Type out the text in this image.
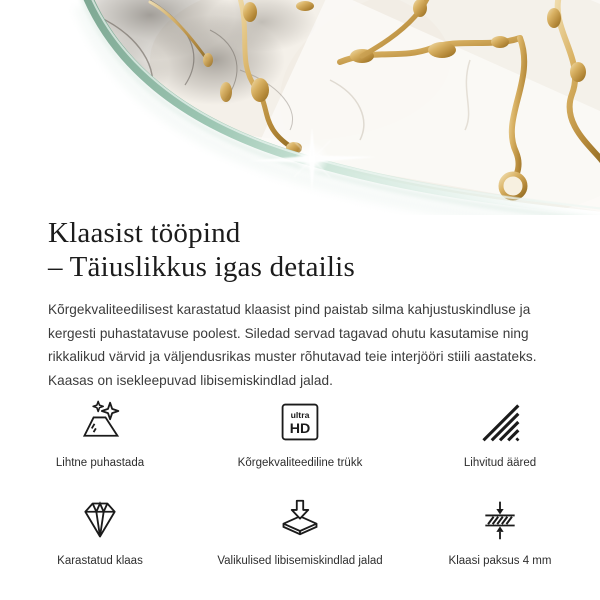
Klaasist tööpind
– Täiuslikkus igas detailis

Kõrgekvaliteedilisest karastatud klaasist pind paistab silma kahjustuskindluse ja kergesti puhastatavuse poolest. Siledad servad tagavad ohutu kasutamise ning rikkalikud värvid ja väljendusrikas muster rõhutavad teie interjööri stiili aastateks. Kaasas on isekleepuvad libisemiskindlad jalad.

Lihtne puhastada
ultra
HD
Kõrgekvaliteediline trükk	Lihvitud ääred
Karastatud klaas	Valikulised libisemiskindlad jalad	Klaasi paksus 4 mm
